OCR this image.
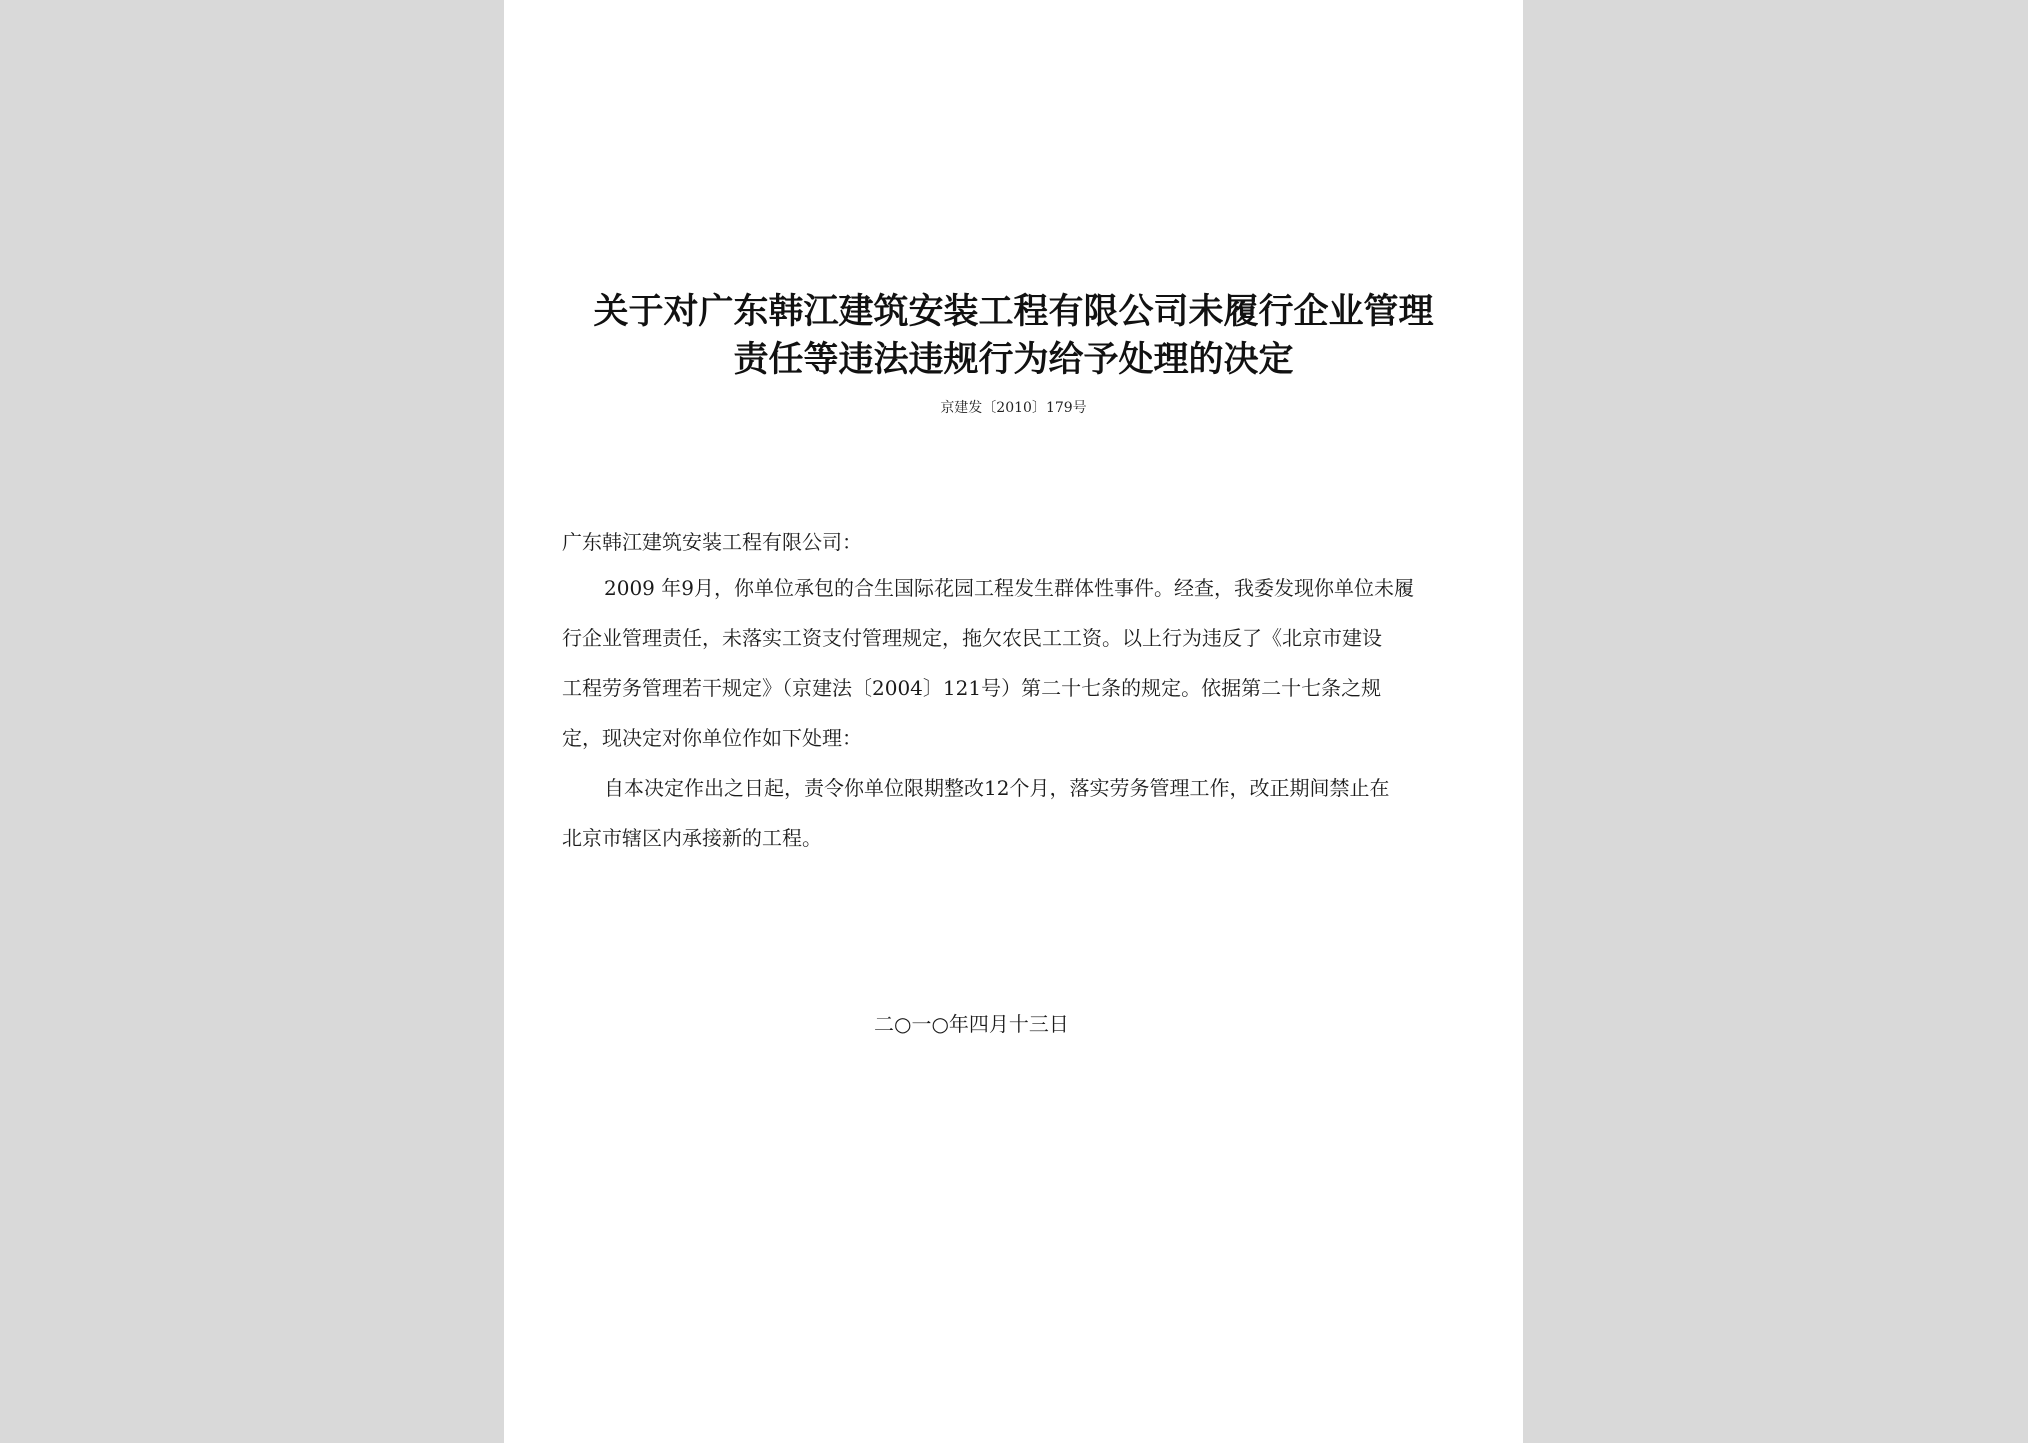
关于对广东韩江建筑安装工程有限公司未履行企业管理
责任等违法违规行为给予处理的决定
京建发〔2010〕179号
广东韩江建筑安装工程有限公司：
2009 年9月，你单位承包的合生国际花园工程发生群体性事件。经查，我委发现你单位未履
行企业管理责任，未落实工资支付管理规定，拖欠农民工工资。以上行为违反了《北京市建设
工程劳务管理若干规定》（京建法〔2004〕121号）第二十七条的规定。依据第二十七条之规
定，现决定对你单位作如下处理：
自本决定作出之日起，责令你单位限期整改12个月，落实劳务管理工作，改正期间禁止在
北京市辖区内承接新的工程。
二○一○年四月十三日
